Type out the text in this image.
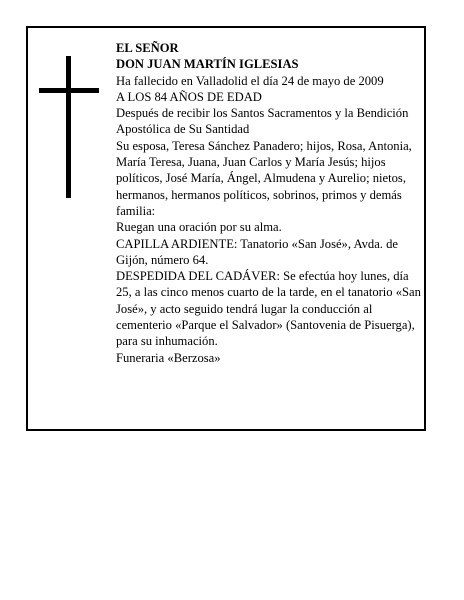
EL SEÑOR

DON JUAN MARTÍN IGLESIAS

Ha fallecido en Valladolid el día 24 de mayo de 2009

A LOS 84 AÑOS DE EDAD

Después de recibir los Santos Sacramentos y la Bendición Apostólica de Su Santidad

Su esposa, Teresa Sánchez Panadero; hijos, Rosa, Antonia, María Teresa, Juana, Juan Carlos y María Jesús; hijos políticos, José María, Ángel, Almudena y Aurelio; nietos, hermanos, hermanos políticos, sobrinos, primos y demás familia:

Ruegan una oración por su alma.

CAPILLA ARDIENTE: Tanatorio «San José», Avda. de Gijón, número 64.

DESPEDIDA DEL CADÁVER: Se efectúa hoy lunes, día 25, a las cinco menos cuarto de la tarde, en el tanatorio «San José», y acto seguido tendrá lugar la conducción al cementerio «Parque el Salvador» (Santovenia de Pisuerga), para su inhumación.

Funeraria «Berzosa»
